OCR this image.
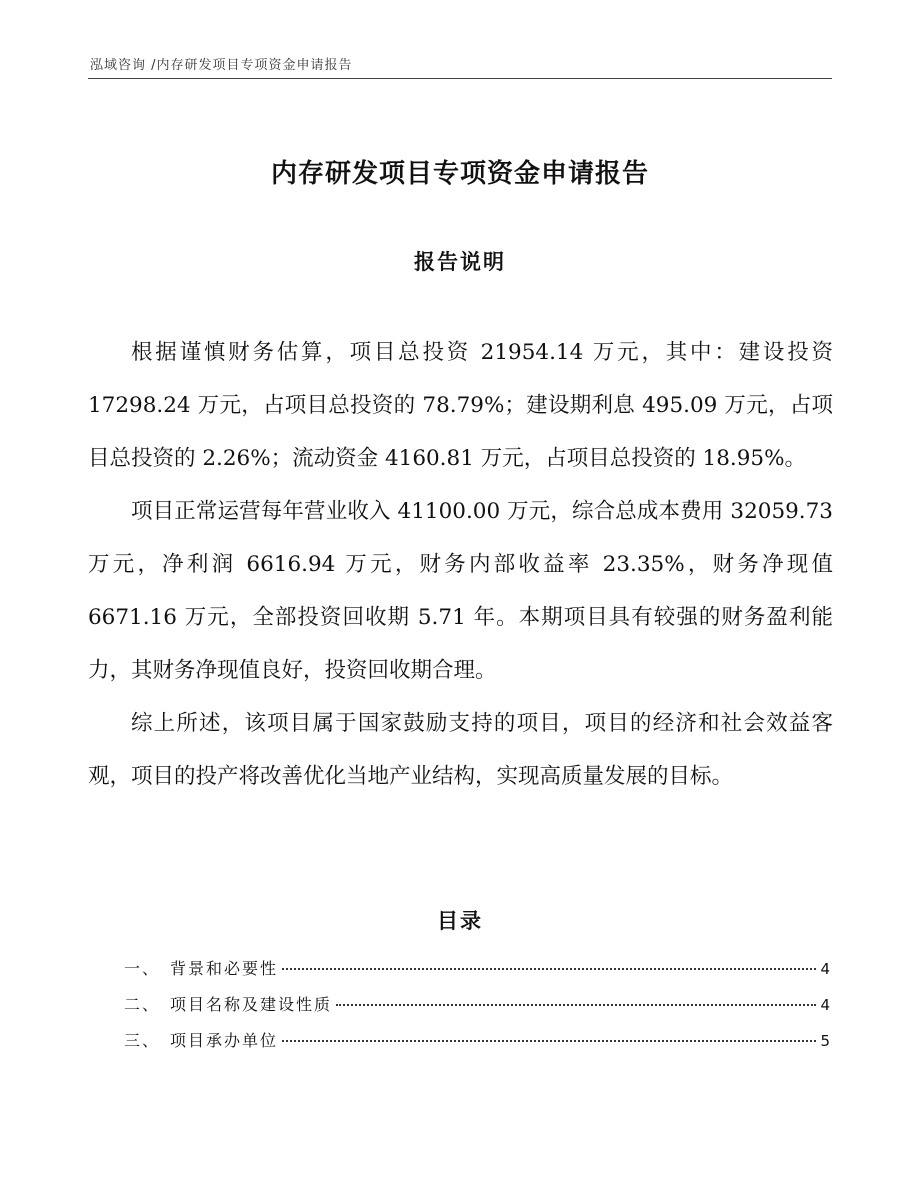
泓域咨询 /内存研发项目专项资金申请报告
内存研发项目专项资金申请报告
报告说明

根据谨慎财务估算，项目总投资 21954.14 万元，其中：建设投资 17298.24 万元，占项目总投资的 78.79%；建设期利息 495.09 万元，占项目总投资的 2.26%；流动资金 4160.81 万元，占项目总投资的 18.95%。

项目正常运营每年营业收入 41100.00 万元，综合总成本费用 32059.73 万元，净利润 6616.94 万元，财务内部收益率 23.35%，财务净现值 6671.16 万元，全部投资回收期 5.71 年。本期项目具有较强的财务盈利能力，其财务净现值良好，投资回收期合理。

综上所述，该项目属于国家鼓励支持的项目，项目的经济和社会效益客观，项目的投产将改善优化当地产业结构，实现高质量发展的目标。

目录
一、 背景和必要性	4
二、 项目名称及建设性质	4
三、 项目承办单位	5
